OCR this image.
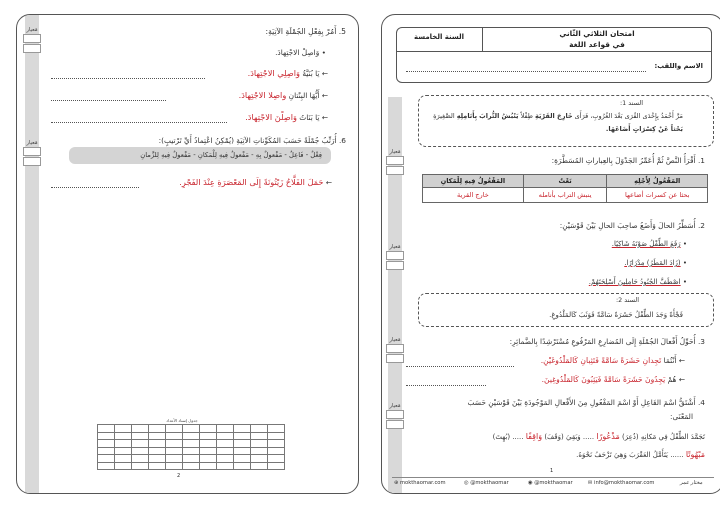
مَعيار
مَعيار
5. أَمُرْ بِفِعْلِ الجُمْلَةِ الآتِيَةِ:
• وَاصِلْ الاجْتِهادَ.
← يَا بُنَيَّةُ وَاصِلِي الاجْتِهادَ.
← أَيُّهَا البِنْتانِ واصِلا الاجْتِهادَ.
← يَا بَنَاتُ وَاصِلْنَ الاجْتِهادَ.
6. أُرَتِّبُ جُمْلَةً حَسَبَ المُكَوِّناتِ الآتِيَةِ (يُمْكِنُ اعْتِمادُ أَيِّ تَرْتيبٍ):
فِعْلٌ - فَاعِلٌ - مَفْعولٌ بِهِ - مَفْعولٌ فِيهِ لِلْمَكانِ - مَفْعولٌ فِيهِ لِلزَّمانِ
← حَمَلَ الفَلَّاحُ زَيْتُونَةً إِلَى المَعْصَرَةِ عِنْدَ الفَجْرِ.
جدول إسناد الأعداد

2
مَعيار
مَعيار
مَعيار
مَعيار
امتحان الثلاثي الثّاني
في قواعد اللغة
السنة الخامسة
الاسم واللقب:
السند 1:
مَرَّ أَحْمَدُ بِإِحْدَى القُرَى بَعْدَ الغُرُوبِ، فَرَأَى خَارِجَ القَرْيَةِ طِفْلاً يَنْبُشُ التُّرابَ بِأَنَامِلِهِ الصَّغِيرَةِ
بَحْثاً عَنْ كِسْرَاتٍ أَضَاعَهَا.
1. أَقْرَأُ النَّصَّ ثُمَّ أُعَمِّرُ الجَدْوَلَ بِالعِباراتِ المُسَطَّرَةِ:
المَفْعُولُ لِأَجْلِهِ	نَعْتٌ	المَفْعُولُ فِيهِ لِلْمَكانِ
بحثا عن كسرات أضاعها	ينبش التراب بأنامله	خارج القرية
2. أُسَطِّرُ الحالَ وَأَضَعُ صاحِبَ الحالِ بَيْنَ قَوْسَيْنِ:
• رَفَعَ الطِّفْلُ صَوْتَهُ شَاكِيًا.
• (زَادَ المَطَرُ) مِدْرَارًا.
• اصْطَفَّ الجُنُودُ حَامِلِينَ أَسْلِحَتَهُمْ.
السند 2:
فَجْأَةً وَجَدَ الطِّفْلُ حَشَرَةً سَامَّةً فَوَثَبَ كَالمَلْدُوغِ.
3. أُحَوِّلُ أَفْعالَ الجُمْلَةِ إِلَى المُضارِعِ المَرْفُوعِ مُسْتَرْشِدًا بِالضَّمائِرِ:
← أَنْتُمَا تَجِدانِ حَشَرَةً سَامَّةً فَتَثِبانِ كَالمَلْدُوغَيْنِ.
← هُمْ يَجِدُونَ حَشَرَةً سَامَّةً فَيَثِبُونَ كَالمَلْدُوغِينَ.
4. أَشْتَقُّ اسْمَ الفَاعِلِ أَوْ اسْمَ المَفْعُولِ مِنَ الأَفْعالِ المَوْجُودَةِ بَيْنَ قَوْسَيْنِ حَسَبَ
المَعْنَى:
تَجَمَّدَ الطِّفْلُ فِي مَكانِهِ (ذُعِرَ) مَذْعُورًا ..... وَبَقِيَ (وَقَفَ) وَاقِفًا ..... (بُهِتَ)
مَبْهُوتًا ...... يَتَأَمَّلُ العَقْرَبَ وَهِيَ تَزْحَفُ نَحْوَهُ.
1
⊕ mokthaomar.com	◎ @mokthaomar	◉ @mokthaomar	✉ info@mokthaomar.com	مختار عمر
